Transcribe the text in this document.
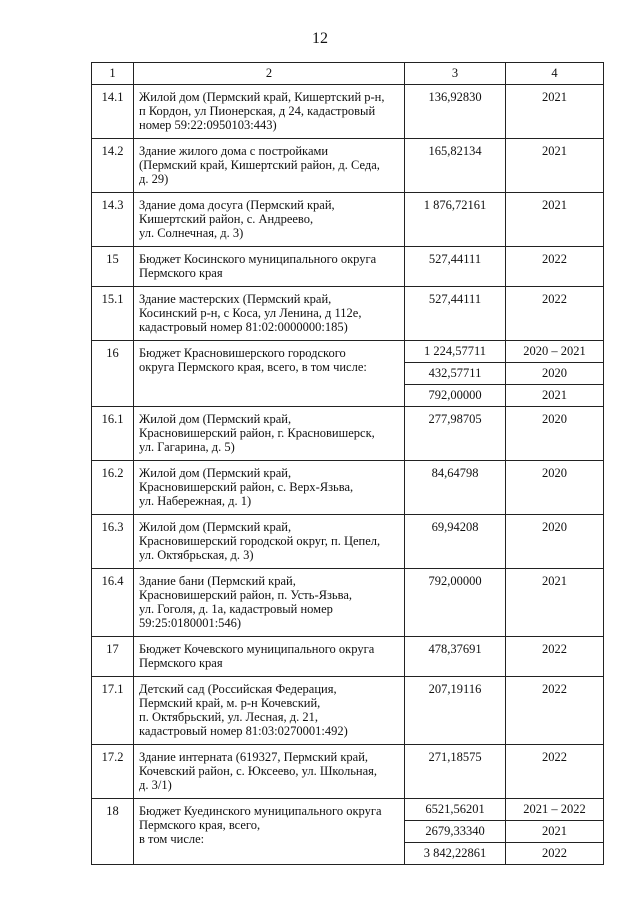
12
1	2	3	4
14.1	Жилой дом (Пермский край, Кишертский р-н,
п Кордон, ул Пионерская, д 24, кадастровый
номер 59:22:0950103:443)	136,92830	2021
14.2	Здание жилого дома с постройками
(Пермский край, Кишертский район, д. Седа,
д. 29)	165,82134	2021
14.3	Здание дома досуга (Пермский край,
Кишертский район, с. Андреево,
ул. Солнечная, д. 3)	1 876,72161	2021
15	Бюджет Косинского муниципального округа
Пермского края	527,44111	2022
15.1	Здание мастерских (Пермский край,
Косинский р-н, с Коса, ул Ленина, д 112е,
кадастровый номер 81:02:0000000:185)	527,44111	2022
16	Бюджет Красновишерского городского
округа Пермского края, всего, в том числе:	1 224,57711	2020 – 2021
		432,57711	2020
		792,00000	2021
16.1	Жилой дом (Пермский край,
Красновишерский район, г. Красновишерск,
ул. Гагарина, д. 5)	277,98705	2020
16.2	Жилой дом (Пермский край,
Красновишерский район, с. Верх-Язьва,
ул. Набережная, д. 1)	84,64798	2020
16.3	Жилой дом (Пермский край,
Красновишерский городской округ, п. Цепел,
ул. Октябрьская, д. 3)	69,94208	2020
16.4	Здание бани (Пермский край,
Красновишерский район, п. Усть-Язьва,
ул. Гоголя, д. 1а, кадастровый номер
59:25:0180001:546)	792,00000	2021
17	Бюджет Кочевского муниципального округа
Пермского края	478,37691	2022
17.1	Детский сад (Российская Федерация,
Пермский край, м. р-н Кочевский,
п. Октябрьский, ул. Лесная, д. 21,
кадастровый номер 81:03:0270001:492)	207,19116	2022
17.2	Здание интерната (619327, Пермский край,
Кочевский район, с. Юксеево, ул. Школьная,
д. 3/1)	271,18575	2022
18	Бюджет Куединского муниципального округа
Пермского края, всего,
в том числе:	6521,56201	2021 – 2022
		2679,33340	2021
		3 842,22861	2022
